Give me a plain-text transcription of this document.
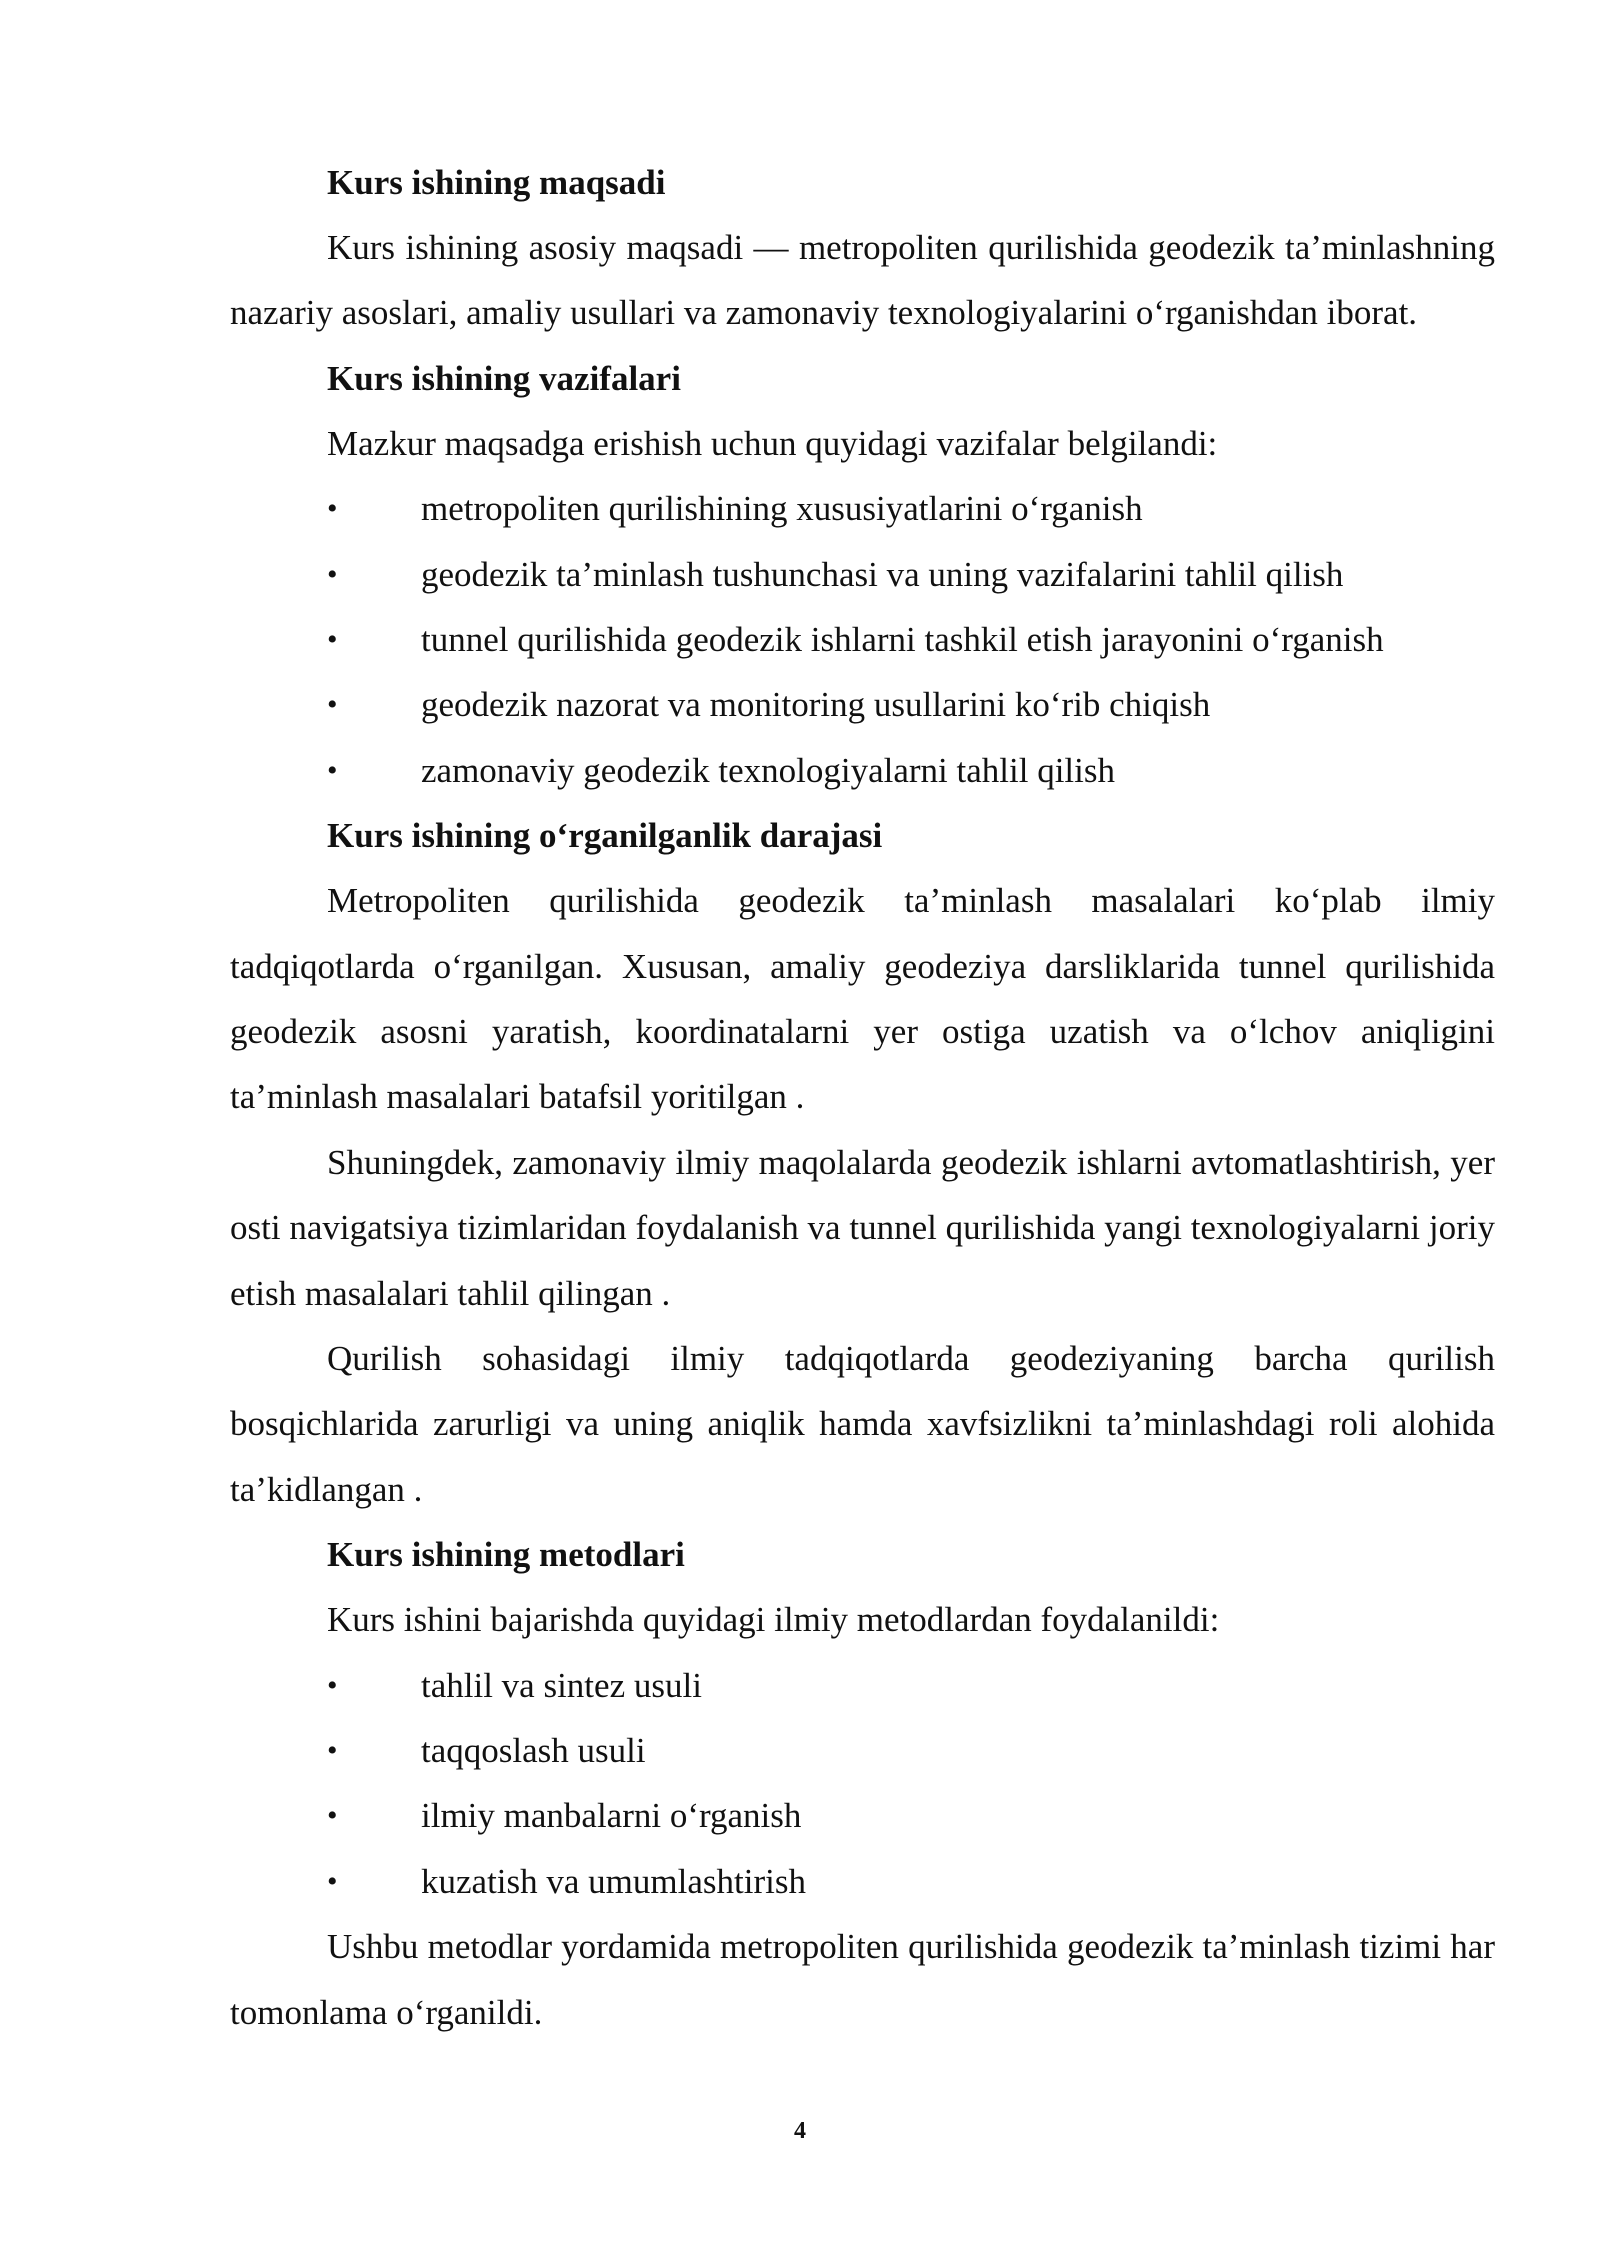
Kurs ishining maqsadi

Kurs ishining asosiy maqsadi — metropoliten qurilishida geodezik ta’minlashning nazariy asoslari, amaliy usullari va zamonaviy texnologiyalarini o‘rganishdan iborat.

Kurs ishining vazifalari

Mazkur maqsadga erishish uchun quyidagi vazifalar belgilandi:

• metropoliten qurilishining xususiyatlarini o‘rganish
• geodezik ta’minlash tushunchasi va uning vazifalarini tahlil qilish
• tunnel qurilishida geodezik ishlarni tashkil etish jarayonini o‘rganish
• geodezik nazorat va monitoring usullarini ko‘rib chiqish
• zamonaviy geodezik texnologiyalarni tahlil qilish

Kurs ishining o‘rganilganlik darajasi

Metropoliten qurilishida geodezik ta’minlash masalalari ko‘plab ilmiy tadqiqotlarda o‘rganilgan. Xususan, amaliy geodeziya darsliklarida tunnel qurilishida geodezik asosni yaratish, koordinatalarni yer ostiga uzatish va o‘lchov aniqligini ta’minlash masalalari batafsil yoritilgan .

Shuningdek, zamonaviy ilmiy maqolalarda geodezik ishlarni avtomatlashtirish, yer osti navigatsiya tizimlaridan foydalanish va tunnel qurilishida yangi texnologiyalarni joriy etish masalalari tahlil qilingan .

Qurilish sohasidagi ilmiy tadqiqotlarda geodeziyaning barcha qurilish bosqichlarida zarurligi va uning aniqlik hamda xavfsizlikni ta’minlashdagi roli alohida ta’kidlangan .

Kurs ishining metodlari

Kurs ishini bajarishda quyidagi ilmiy metodlardan foydalanildi:

• tahlil va sintez usuli
• taqqoslash usuli
• ilmiy manbalarni o‘rganish
• kuzatish va umumlashtirish

Ushbu metodlar yordamida metropoliten qurilishida geodezik ta’minlash tizimi har tomonlama o‘rganildi.

4
